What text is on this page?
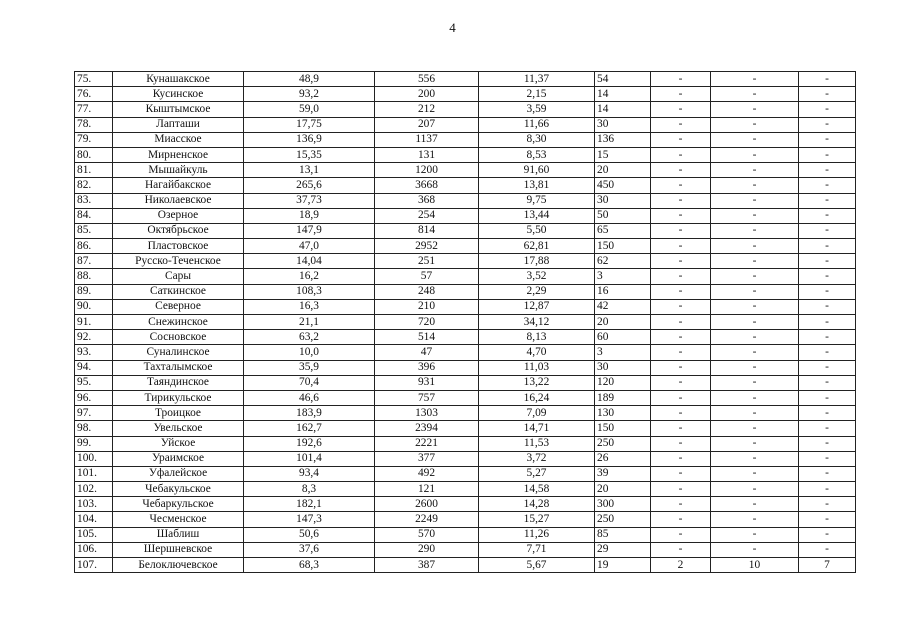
4
75.	Кунашакское	48,9	556	11,37	54	-	-	-
76.	Кусинское	93,2	200	2,15	14	-	-	-
77.	Кыштымское	59,0	212	3,59	14	-	-	-
78.	Лапташи	17,75	207	11,66	30	-	-	-
79.	Миасское	136,9	1137	8,30	136	-	-	-
80.	Мирненское	15,35	131	8,53	15	-	-	-
81.	Мышайкуль	13,1	1200	91,60	20	-	-	-
82.	Нагайбакское	265,6	3668	13,81	450	-	-	-
83.	Николаевское	37,73	368	9,75	30	-	-	-
84.	Озерное	18,9	254	13,44	50	-	-	-
85.	Октябрьское	147,9	814	5,50	65	-	-	-
86.	Пластовское	47,0	2952	62,81	150	-	-	-
87.	Русско-Теченское	14,04	251	17,88	62	-	-	-
88.	Сары	16,2	57	3,52	3	-	-	-
89.	Саткинское	108,3	248	2,29	16	-	-	-
90.	Северное	16,3	210	12,87	42	-	-	-
91.	Снежинское	21,1	720	34,12	20	-	-	-
92.	Сосновское	63,2	514	8,13	60	-	-	-
93.	Суналинское	10,0	47	4,70	3	-	-	-
94.	Тахталымское	35,9	396	11,03	30	-	-	-
95.	Таяндинское	70,4	931	13,22	120	-	-	-
96.	Тирикульское	46,6	757	16,24	189	-	-	-
97.	Троицкое	183,9	1303	7,09	130	-	-	-
98.	Увельское	162,7	2394	14,71	150	-	-	-
99.	Уйское	192,6	2221	11,53	250	-	-	-
100.	Ураимское	101,4	377	3,72	26	-	-	-
101.	Уфалейское	93,4	492	5,27	39	-	-	-
102.	Чебакульское	8,3	121	14,58	20	-	-	-
103.	Чебаркульское	182,1	2600	14,28	300	-	-	-
104.	Чесменское	147,3	2249	15,27	250	-	-	-
105.	Шаблиш	50,6	570	11,26	85	-	-	-
106.	Шершневское	37,6	290	7,71	29	-	-	-
107.	Белоключевское	68,3	387	5,67	19	2	10	7
